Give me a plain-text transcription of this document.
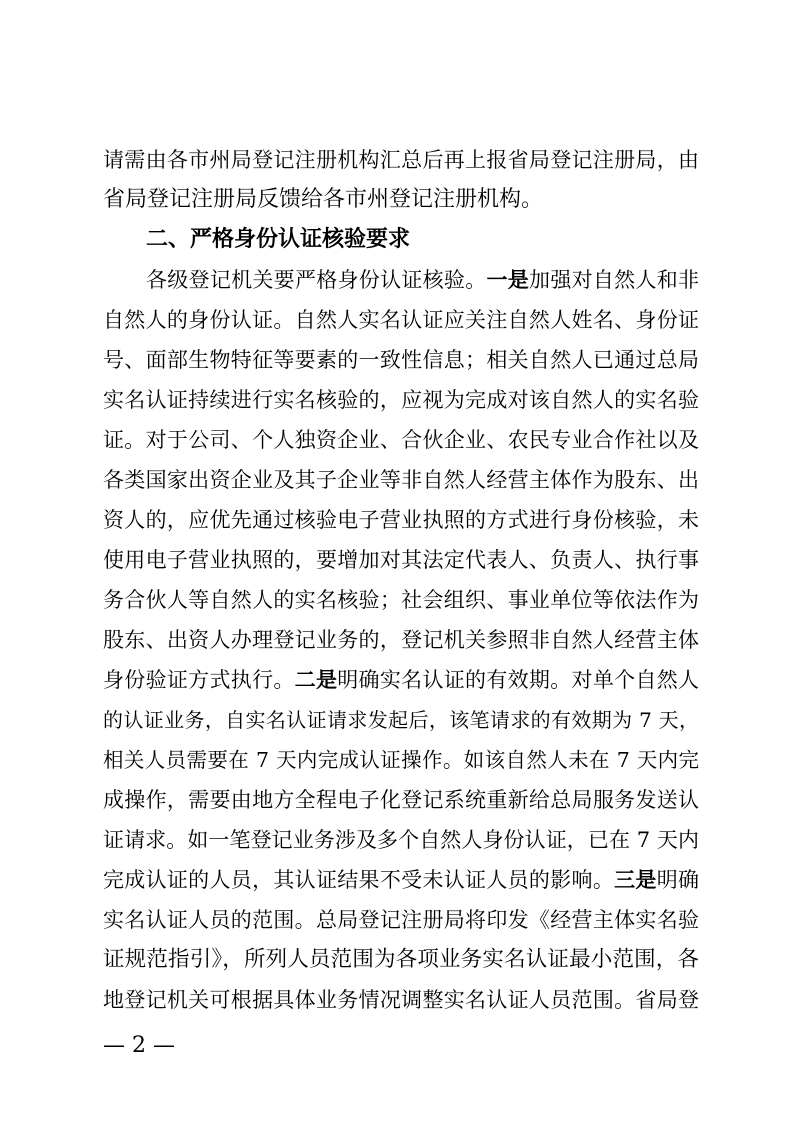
请需由各市州局登记注册机构汇总后再上报省局登记注册局，由
省局登记注册局反馈给各市州登记注册机构。
二、严格身份认证核验要求
各级登记机关要严格身份认证核验。一是加强对自然人和非
自然人的身份认证。自然人实名认证应关注自然人姓名、身份证
号、面部生物特征等要素的一致性信息；相关自然人已通过总局
实名认证持续进行实名核验的，应视为完成对该自然人的实名验
证。对于公司、个人独资企业、合伙企业、农民专业合作社以及
各类国家出资企业及其子企业等非自然人经营主体作为股东、出
资人的，应优先通过核验电子营业执照的方式进行身份核验，未
使用电子营业执照的，要增加对其法定代表人、负责人、执行事
务合伙人等自然人的实名核验；社会组织、事业单位等依法作为
股东、出资人办理登记业务的，登记机关参照非自然人经营主体
身份验证方式执行。二是明确实名认证的有效期。对单个自然人
的认证业务，自实名认证请求发起后，该笔请求的有效期为 7 天，
相关人员需要在 7 天内完成认证操作。如该自然人未在 7 天内完
成操作，需要由地方全程电子化登记系统重新给总局服务发送认
证请求。如一笔登记业务涉及多个自然人身份认证，已在 7 天内
完成认证的人员，其认证结果不受未认证人员的影响。三是明确
实名认证人员的范围。总局登记注册局将印发《经营主体实名验
证规范指引》，所列人员范围为各项业务实名认证最小范围，各
地登记机关可根据具体业务情况调整实名认证人员范围。省局登
— 2 —
